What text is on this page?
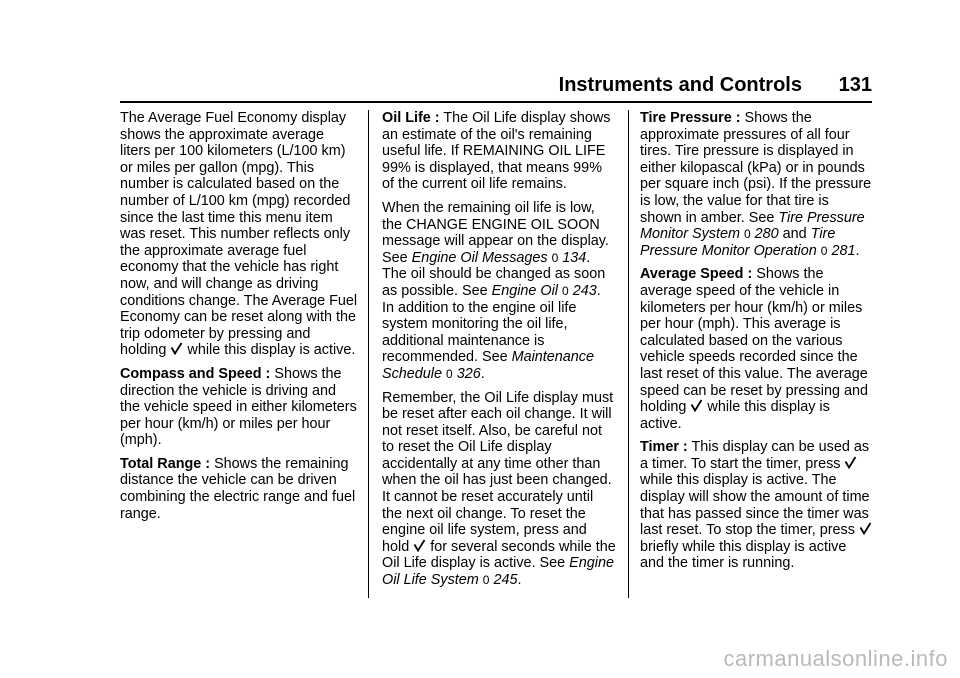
Instruments and Controls 131

The Average Fuel Economy display shows the approximate average liters per 100 kilometers (L/100 km) or miles per gallon (mpg). This number is calculated based on the number of L/100 km (mpg) recorded since the last time this menu item was reset. This number reflects only the approximate average fuel economy that the vehicle has right now, and will change as driving conditions change. The Average Fuel Economy can be reset along with the trip odometer by pressing and holding while this display is active.

Compass and Speed : Shows the direction the vehicle is driving and the vehicle speed in either kilometers per hour (km/h) or miles per hour (mph).

Total Range : Shows the remaining distance the vehicle can be driven combining the electric range and fuel range.

Oil Life : The Oil Life display shows an estimate of the oil's remaining useful life. If REMAINING OIL LIFE 99% is displayed, that means 99% of the current oil life remains.

When the remaining oil life is low, the CHANGE ENGINE OIL SOON message will appear on the display. See Engine Oil Messages 0 134. The oil should be changed as soon as possible. See Engine Oil 0 243. In addition to the engine oil life system monitoring the oil life, additional maintenance is recommended. See Maintenance Schedule 0 326.

Remember, the Oil Life display must be reset after each oil change. It will not reset itself. Also, be careful not to reset the Oil Life display accidentally at any time other than when the oil has just been changed. It cannot be reset accurately until the next oil change. To reset the engine oil life system, press and hold for several seconds while the Oil Life display is active. See Engine Oil Life System 0 245.

Tire Pressure : Shows the approximate pressures of all four tires. Tire pressure is displayed in either kilopascal (kPa) or in pounds per square inch (psi). If the pressure is low, the value for that tire is shown in amber. See Tire Pressure Monitor System 0 280 and Tire Pressure Monitor Operation 0 281.

Average Speed : Shows the average speed of the vehicle in kilometers per hour (km/h) or miles per hour (mph). This average is calculated based on the various vehicle speeds recorded since the last reset of this value. The average speed can be reset by pressing and holding while this display is active.

Timer : This display can be used as a timer. To start the timer, press
while this display is active. The display will show the amount of time that has passed since the timer was last reset. To stop the timer, press
briefly while this display is active and the timer is running.

carmanualsonline.info
